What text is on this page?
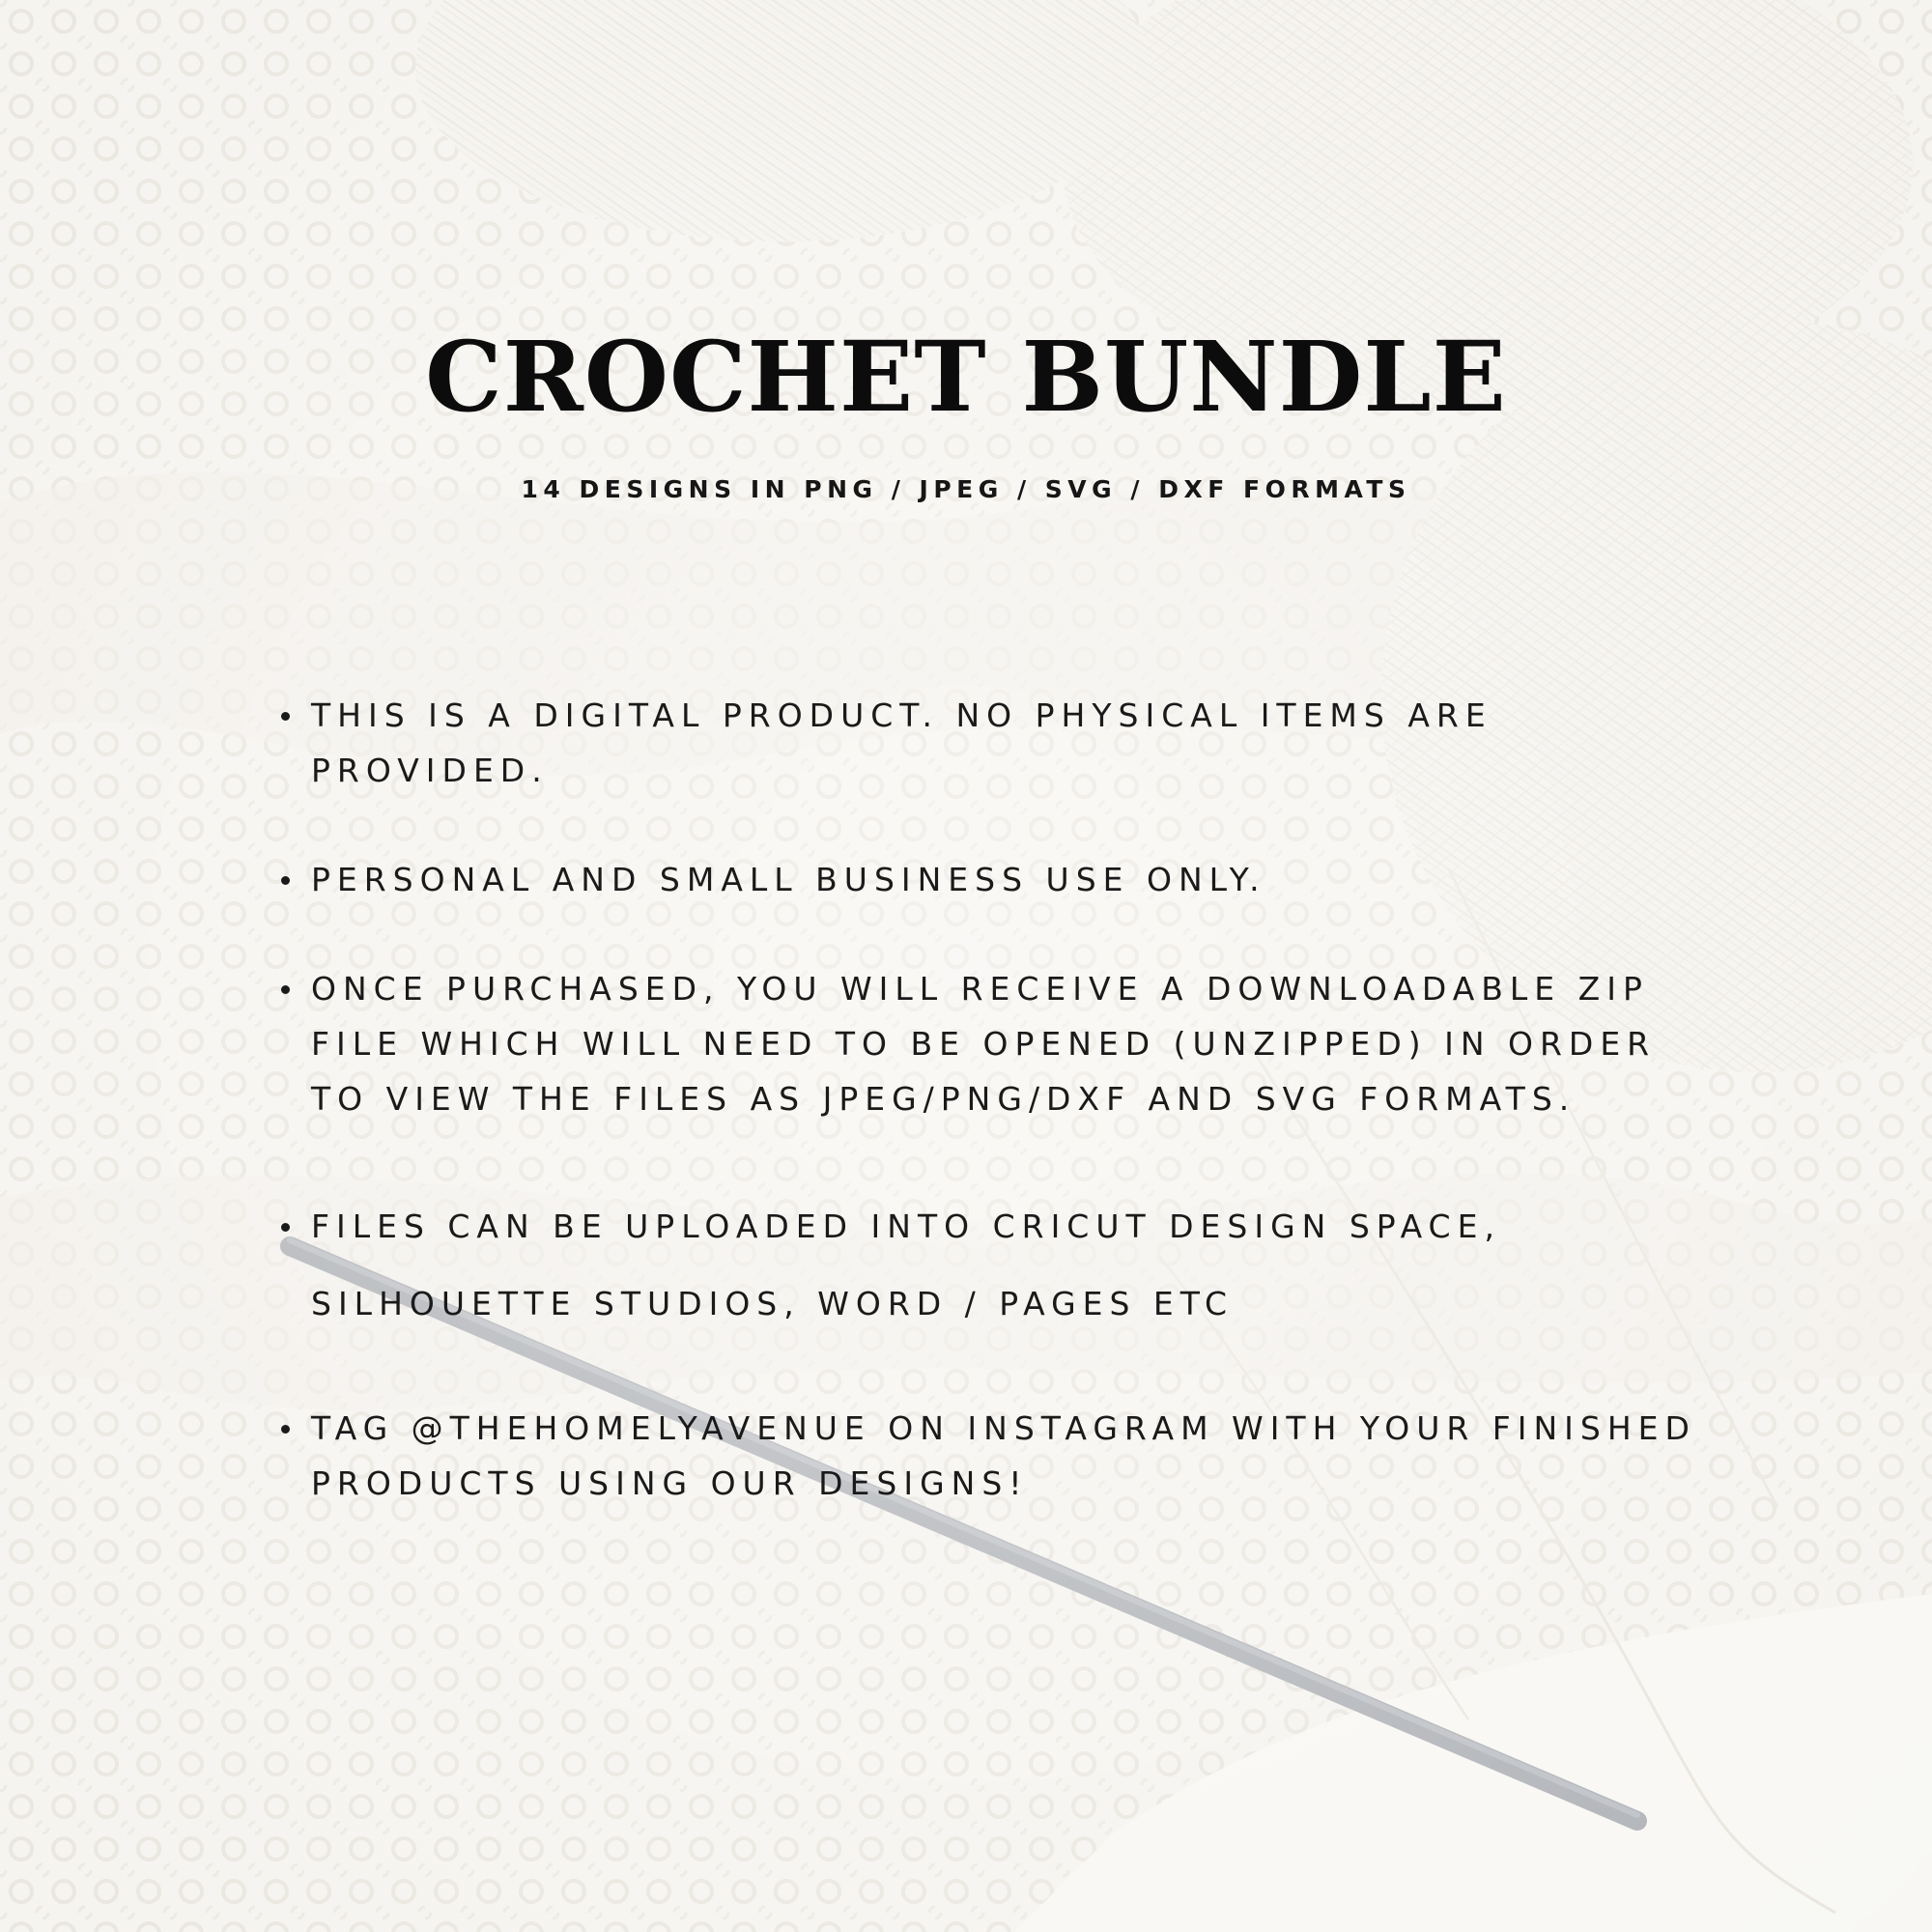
CROCHET BUNDLE
14 DESIGNS IN PNG / JPEG / SVG / DXF FORMATS
THIS IS A DIGITAL PRODUCT. NO PHYSICAL ITEMS ARE PROVIDED.
PERSONAL AND SMALL BUSINESS USE ONLY.
ONCE PURCHASED, YOU WILL RECEIVE A DOWNLOADABLE ZIP FILE WHICH WILL NEED TO BE OPENED (UNZIPPED) IN ORDER TO VIEW THE FILES AS JPEG/PNG/DXF AND SVG FORMATS.
FILES CAN BE UPLOADED INTO CRICUT DESIGN SPACE, SILHOUETTE STUDIOS, WORD / PAGES ETC
TAG @THEHOMELYAVENUE ON INSTAGRAM WITH YOUR FINISHED PRODUCTS USING OUR DESIGNS!
